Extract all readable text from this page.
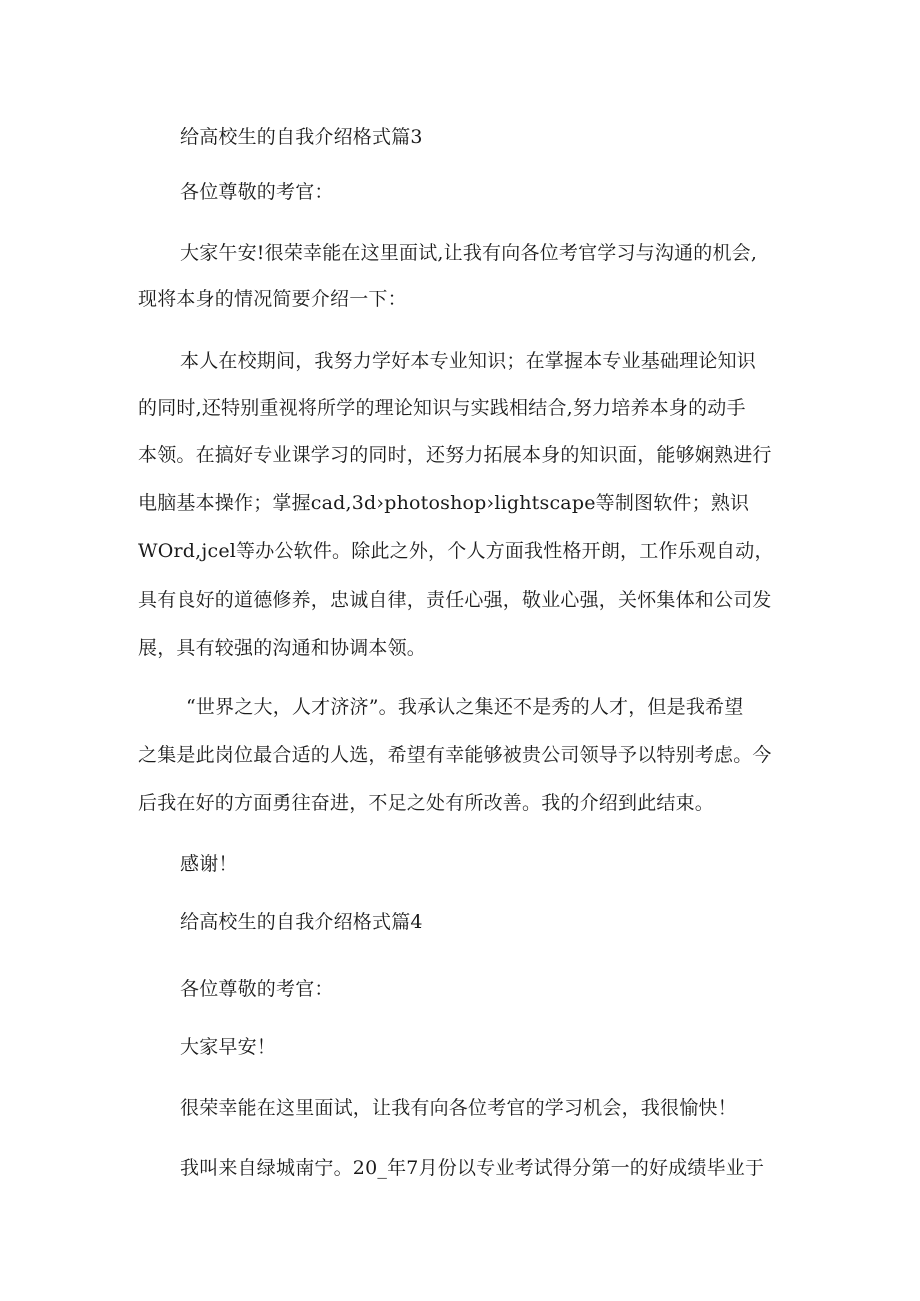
给高校生的自我介绍格式篇3
各位尊敬的考官：
大家午安!很荣幸能在这里面试,让我有向各位考官学习与沟通的机会,
现将本身的情况简要介绍一下：
本人在校期间，我努力学好本专业知识；在掌握本专业基础理论知识
的同时,还特别重视将所学的理论知识与实践相结合,努力培养本身的动手
本领。在搞好专业课学习的同时，还努力拓展本身的知识面，能够娴熟进行
电脑基本操作；掌握cad,3d›photoshop›lightscape等制图软件；熟识
WOrd,jcel等办公软件。除此之外，个人方面我性格开朗，工作乐观自动，
具有良好的道德修养，忠诚自律，责任心强，敬业心强，关怀集体和公司发
展，具有较强的沟通和协调本领。
“世界之大，人才济济”。我承认之集还不是秀的人才，但是我希望
之集是此岗位最合适的人选，希望有幸能够被贵公司领导予以特别考虑。今
后我在好的方面勇往奋进，不足之处有所改善。我的介绍到此结束。
感谢！
给高校生的自我介绍格式篇4
各位尊敬的考官：
大家早安！
很荣幸能在这里面试，让我有向各位考官的学习机会，我很愉快！
我叫来自绿城南宁。20_年7月份以专业考试得分第一的好成绩毕业于
